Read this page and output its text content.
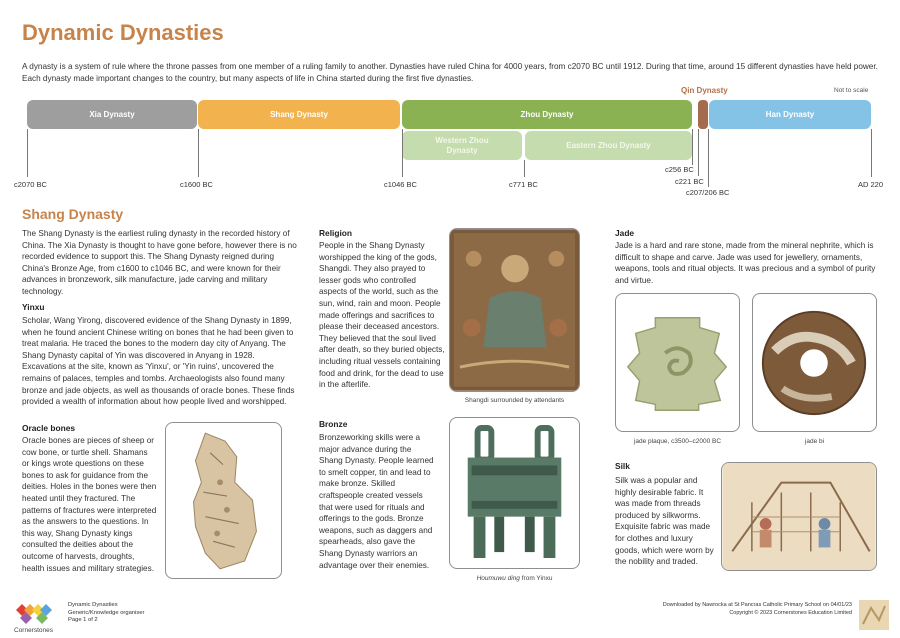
Dynamic Dynasties
A dynasty is a system of rule where the throne passes from one member of a ruling family to another. Dynasties have ruled China for 4000 years, from c2070 BC until 1912. During that time, around 15 different dynasties have held power. Each dynasty made important changes to the country, but many aspects of life in China started during the first five dynasties.
Qin Dynasty	Not to scale
Xia Dynasty	Shang Dynasty	Zhou Dynasty	Han Dynasty
Western Zhou Dynasty
Eastern Zhou Dynasty
c2070 BC	c1600 BC	c1046 BC	c771 BC
c256 BC
c221 BC
c207/206 BC
AD 220
Shang Dynasty
The Shang Dynasty is the earliest ruling dynasty in the recorded history of China. The Xia Dynasty is thought to have gone before, however there is no recorded evidence to support this. The Shang Dynasty reigned during China's Bronze Age, from c1600 to c1046 BC, and were known for their advances in bronzework, silk manufacture, jade carving and military technology.
Yinxu
Scholar, Wang Yirong, discovered evidence of the Shang Dynasty in 1899, when he found ancient Chinese writing on bones that he had been given to treat malaria. He traced the bones to the modern day city of Anyang. The Shang Dynasty capital of Yin was discovered in Anyang in 1928. Excavations at the site, known as 'Yinxu', or 'Yin ruins', uncovered the remains of palaces, temples and tombs. Archaeologists also found many bronze and jade objects, as well as thousands of oracle bones. These finds provided a wealth of information about how people lived and worshipped.
Oracle bones
Oracle bones are pieces of sheep or cow bone, or turtle shell. Shamans or kings wrote questions on these bones to ask for guidance from the deities. Holes in the bones were then heated until they fractured. The patterns of fractures were interpreted as the answers to the questions. In this way, Shang Dynasty kings consulted the deities about the outcome of harvests, droughts, health issues and military strategies.
Religion
People in the Shang Dynasty worshipped the king of the gods, Shangdi. They also prayed to lesser gods who controlled aspects of the world, such as the sun, wind, rain and moon. People made offerings and sacrifices to please their deceased ancestors. They believed that the soul lived after death, so they buried objects, including ritual vessels containing food and drink, for the dead to use in the afterlife.
Shangdi surrounded by attendants
Bronze
Bronzeworking skills were a major advance during the Shang Dynasty. People learned to smelt copper, tin and lead to make bronze. Skilled craftspeople created vessels that were used for rituals and offerings to the gods. Bronze weapons, such as daggers and spearheads, also gave the Shang Dynasty warriors an advantage over their enemies.
Houmuwu ding from Yinxu
Jade
Jade is a hard and rare stone, made from the mineral nephrite, which is difficult to shape and carve. Jade was used for jewellery, ornaments, weapons, tools and ritual objects. It was precious and a symbol of purity and virtue.
jade plaque, c3500–c2000 BC	jade bi
Silk
Silk was a popular and highly desirable fabric. It was made from threads produced by silkworms. Exquisite fabric was made for clothes and luxury goods, which were worn by the nobility and traded.
Cornerstones
Dynamic Dynasties
Generic/Knowledge organiser
Page 1 of 2
Downloaded by Nawrocka at St Pancras Catholic Primary School on 04/01/23
Copyright © 2023 Cornerstones Education Limited
